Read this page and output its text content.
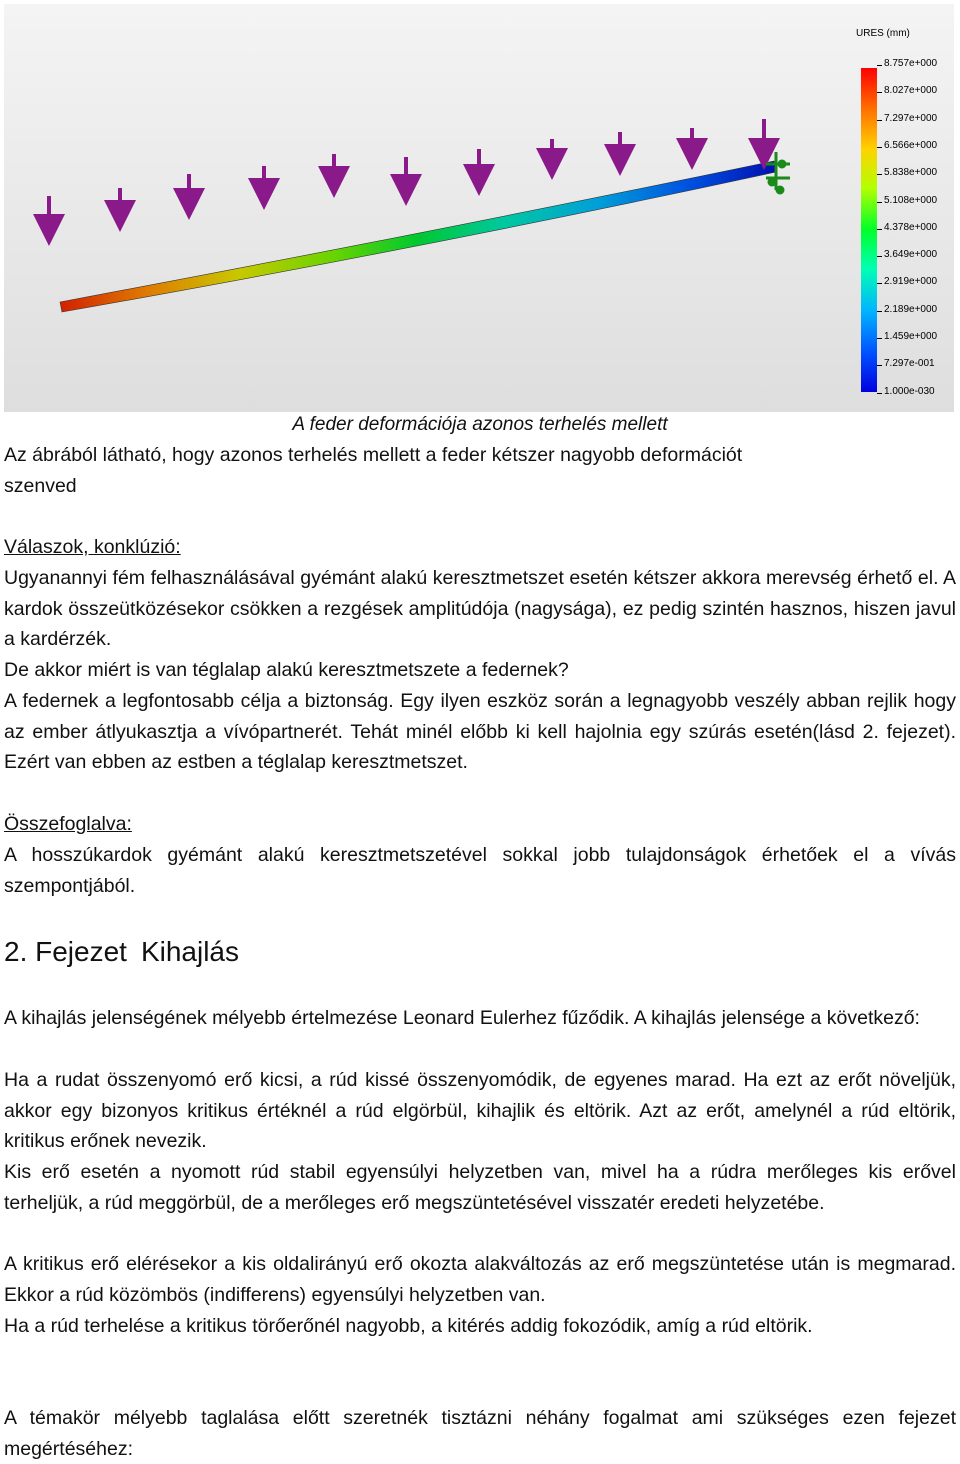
URES (mm)
8.757e+000
8.027e+000
7.297e+000
6.566e+000
5.838e+000
5.108e+000
4.378e+000
3.649e+000
2.919e+000
2.189e+000
1.459e+000
7.297e-001
1.000e-030
A feder deformációja azonos terhelés mellett
Az ábrából látható, hogy azonos terhelés mellett a feder kétszer nagyobb deformációt
szenved
Válaszok, konklúzió:
Ugyanannyi fém felhasználásával gyémánt alakú keresztmetszet esetén kétszer akkora merevség érhető el. A kardok összeütközésekor csökken a rezgések amplitúdója (nagysága), ez pedig szintén hasznos, hiszen javul a kardérzék.
De akkor miért is van téglalap alakú keresztmetszete a federnek?
A federnek a legfontosabb célja a biztonság. Egy ilyen eszköz során a legnagyobb veszély abban rejlik hogy az ember átlyukasztja a vívópartnerét. Tehát minél előbb ki kell hajolnia egy szúrás esetén(lásd 2. fejezet). Ezért van ebben az estben a téglalap keresztmetszet.
Összefoglalva:
A hosszúkardok gyémánt alakú keresztmetszetével sokkal jobb tulajdonságok érhetőek el a vívás szempontjából.
2. Fejezet Kihajlás
A kihajlás jelenségének mélyebb értelmezése Leonard Eulerhez fűződik. A kihajlás jelensége a következő:
Ha a rudat összenyomó erő kicsi, a rúd kissé összenyomódik, de egyenes marad. Ha ezt az erőt növeljük, akkor egy bizonyos kritikus értéknél a rúd elgörbül, kihajlik és eltörik. Azt az erőt, amelynél a rúd eltörik, kritikus erőnek nevezik.
Kis erő esetén a nyomott rúd stabil egyensúlyi helyzetben van, mivel ha a rúdra merőleges kis erővel terheljük, a rúd meggörbül, de a merőleges erő megszüntetésével visszatér eredeti helyzetébe.
A kritikus erő elérésekor a kis oldalirányú erő okozta alakváltozás az erő megszüntetése után is megmarad. Ekkor a rúd közömbös (indifferens) egyensúlyi helyzetben van.
Ha a rúd terhelése a kritikus törőerőnél nagyobb, a kitérés addig fokozódik, amíg a rúd eltörik.
A témakör mélyebb taglalása előtt szeretnék tisztázni néhány fogalmat ami szükséges ezen fejezet megértéséhez:
